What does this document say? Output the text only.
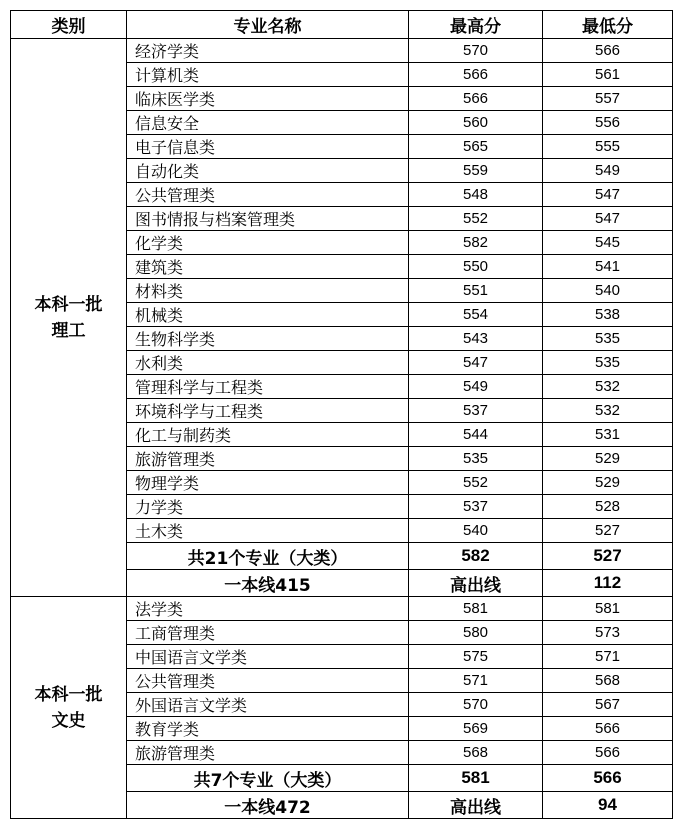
类别	专业名称	最高分	最低分

本科一批
理工	经济学类	570	566
	计算机类	566	561
	临床医学类	566	557
	信息安全	560	556
	电子信息类	565	555
	自动化类	559	549
	公共管理类	548	547
	图书情报与档案管理类	552	547
	化学类	582	545
	建筑类	550	541
	材料类	551	540
	机械类	554	538
	生物科学类	543	535
	水利类	547	535
	管理科学与工程类	549	532
	环境科学与工程类	537	532
	化工与制药类	544	531
	旅游管理类	535	529
	物理学类	552	529
	力学类	537	528
	土木类	540	527
	共21个专业（大类）	582	527
	一本线415	高出线	112

本科一批
文史	法学类	581	581
	工商管理类	580	573
	中国语言文学类	575	571
	公共管理类	571	568
	外国语言文学类	570	567
	教育学类	569	566
	旅游管理类	568	566
	共7个专业（大类）	581	566
	一本线472	高出线	94
